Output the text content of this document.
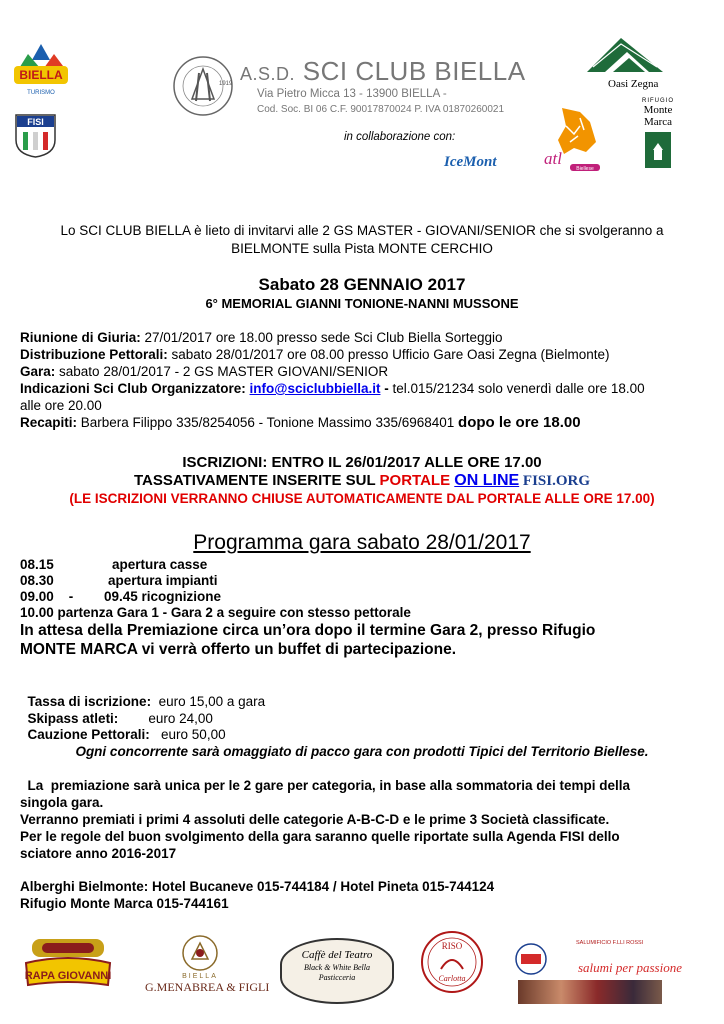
BIELLA
TURISMO
FISI
1919 A.S.D. SCI CLUB BIELLA
Via Pietro Micca 13 - 13900 BIELLA -
Cod. Soc. BI 06 C.F. 90017870024 P. IVA 01870260021
Oasi Zegna
in collaborazione con:
IceMont	atl
Biellese
RIFUGIO
Monte Marca
Lo SCI CLUB BIELLA è lieto di invitarvi alle 2 GS MASTER - GIOVANI/SENIOR che si svolgeranno a
BIELMONTE sulla Pista MONTE CERCHIO
Sabato 28 GENNAIO 2017
6° MEMORIAL GIANNI TONIONE-NANNI MUSSONE
Riunione di Giuria: 27/01/2017 ore 18.00 presso sede Sci Club Biella Sorteggio
Distribuzione Pettorali: sabato 28/01/2017 ore 08.00 presso Ufficio Gare Oasi Zegna (Bielmonte)
Gara: sabato 28/01/2017 - 2 GS MASTER GIOVANI/SENIOR
Indicazioni Sci Club Organizzatore: info@sciclubbiella.it - tel.015/21234 solo venerdì dalle ore 18.00
alle ore 20.00
Recapiti: Barbera Filippo 335/8254056 - Tonione Massimo 335/6968401 dopo le ore 18.00
ISCRIZIONI: ENTRO IL 26/01/2017 ALLE ORE 17.00
TASSATIVAMENTE INSERITE SUL PORTALE ON LINE FISI.ORG
(LE ISCRIZIONI VERRANNO CHIUSE AUTOMATICAMENTE DAL PORTALE ALLE ORE 17.00)
Programma gara sabato 28/01/2017
08.15	apertura casse
08.30	apertura impianti
09.00    - 09.45 ricognizione
10.00 partenza Gara 1 - Gara 2 a seguire con stesso pettorale
In attesa della Premiazione circa un’ora dopo il termine Gara 2, presso Rifugio
MONTE MARCA vi verrà offerto un buffet di partecipazione.

Tassa di iscrizione:  euro 15,00 a gara

Skipass atleti:        euro 24,00

Cauzione Pettorali:   euro 50,00

Ogni concorrente sarà omaggiato di pacco gara con prodotti Tipici del Territorio Biellese.
La  premiazione sarà unica per le 2 gare per categoria, in base alla sommatoria dei tempi della
singola gara.
Verranno premiati i primi 4 assoluti delle categorie A-B-C-D e le prime 3 Società classificate.
Per le regole del buon svolgimento della gara saranno quelle riportate sulla Agenda FISI dello
sciatore anno 2016-2017
Alberghi Bielmonte: Hotel Bucaneve 015-744184 / Hotel Pineta 015-744124
Rifugio Monte Marca 015-744161
RAPA GIOVANNI	BIELLA
G.MENABREA & FIGLI
Caffè del Teatro
Black & White Bella Pasticceria
RISO
Carlotta
SALUMIFICIO F.LLI ROSSI
salumi per passione
